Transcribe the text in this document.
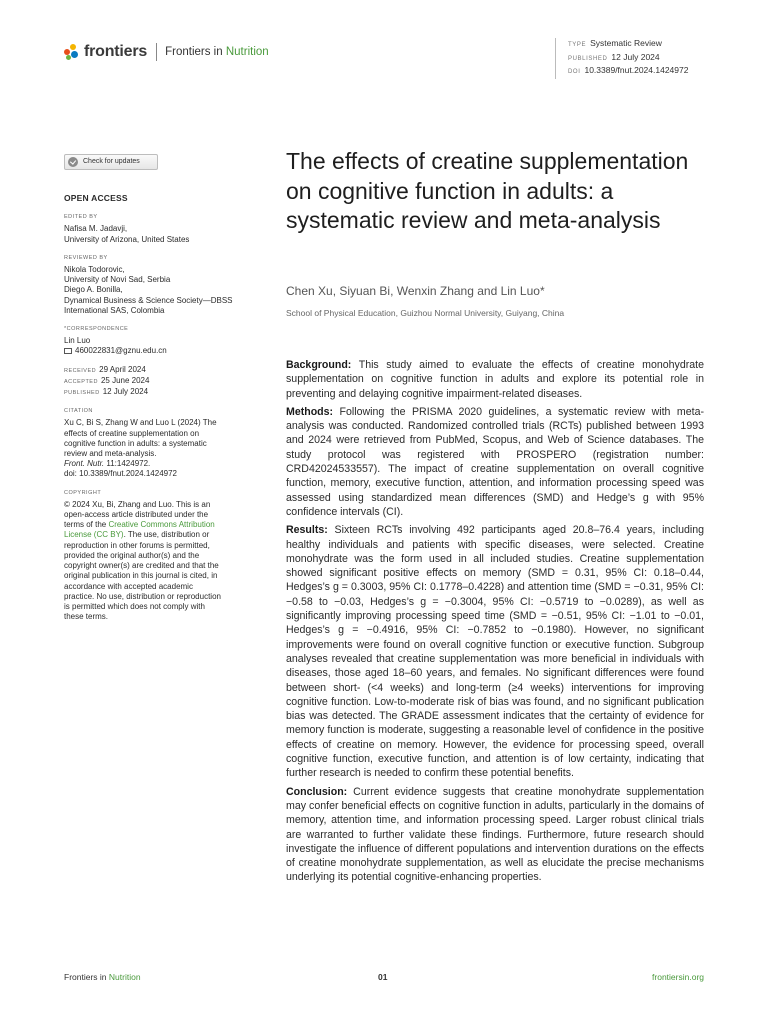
frontiers Frontiers in Nutrition
TYPE Systematic Review
PUBLISHED 12 July 2024
DOI 10.3389/fnut.2024.1424972
Check for updates
OPEN ACCESS
EDITED BY
Nafisa M. Jadavji,
University of Arizona, United States
REVIEWED BY
Nikola Todorovic,
University of Novi Sad, Serbia
Diego A. Bonilla,
Dynamical Business & Science Society—DBSS
International SAS, Colombia
*CORRESPONDENCE
Lin Luo
460022831@gznu.edu.cn
RECEIVED 29 April 2024
ACCEPTED 25 June 2024
PUBLISHED 12 July 2024
CITATION
Xu C, Bi S, Zhang W and Luo L (2024) The
effects of creatine supplementation on
cognitive function in adults: a systematic
review and meta-analysis.
Front. Nutr. 11:1424972.
doi: 10.3389/fnut.2024.1424972
COPYRIGHT
© 2024 Xu, Bi, Zhang and Luo. This is an
open-access article distributed under the
terms of the Creative Commons Attribution
License (CC BY). The use, distribution or
reproduction in other forums is permitted,
provided the original author(s) and the
copyright owner(s) are credited and that the
original publication in this journal is cited, in
accordance with accepted academic
practice. No use, distribution or reproduction
is permitted which does not comply with
these terms.
The effects of creatine supplementation on cognitive function in adults: a systematic review and meta-analysis
Chen Xu, Siyuan Bi, Wenxin Zhang and Lin Luo*
School of Physical Education, Guizhou Normal University, Guiyang, China

Background: This study aimed to evaluate the effects of creatine monohydrate supplementation on cognitive function in adults and explore its potential role in preventing and delaying cognitive impairment-related diseases.

Methods: Following the PRISMA 2020 guidelines, a systematic review with meta-analysis was conducted. Randomized controlled trials (RCTs) published between 1993 and 2024 were retrieved from PubMed, Scopus, and Web of Science databases. The study protocol was registered with PROSPERO (registration number: CRD42024533557). The impact of creatine supplementation on overall cognitive function, memory, executive function, attention, and information processing speed was assessed using standardized mean differences (SMD) and Hedge’s g with 95% confidence intervals (CI).

Results: Sixteen RCTs involving 492 participants aged 20.8–76.4 years, including healthy individuals and patients with specific diseases, were selected. Creatine monohydrate was the form used in all included studies. Creatine supplementation showed significant positive effects on memory (SMD = 0.31, 95% CI: 0.18–0.44, Hedges’s g = 0.3003, 95% CI: 0.1778–0.4228) and attention time (SMD = −0.31, 95% CI: −0.58 to −0.03, Hedges’s g = −0.3004, 95% CI: −0.5719 to −0.0289), as well as significantly improving processing speed time (SMD = −0.51, 95% CI: −1.01 to −0.01, Hedges’s g = −0.4916, 95% CI: −0.7852 to −0.1980). However, no significant improvements were found on overall cognitive function or executive function. Subgroup analyses revealed that creatine supplementation was more beneficial in individuals with diseases, those aged 18–60 years, and females. No significant differences were found between short- (<4 weeks) and long-term (≥4 weeks) interventions for improving cognitive function. Low-to-moderate risk of bias was found, and no significant publication bias was detected. The GRADE assessment indicates that the certainty of evidence for memory function is moderate, suggesting a reasonable level of confidence in the positive effects of creatine on memory. However, the evidence for processing speed, overall cognitive function, executive function, and attention is of low certainty, indicating that further research is needed to confirm these potential benefits.

Conclusion: Current evidence suggests that creatine monohydrate supplementation may confer beneficial effects on cognitive function in adults, particularly in the domains of memory, attention time, and information processing speed. Larger robust clinical trials are warranted to further validate these findings. Furthermore, future research should investigate the influence of different populations and intervention durations on the effects of creatine monohydrate supplementation, as well as elucidate the precise mechanisms underlying its potential cognitive-enhancing properties.

Frontiers in Nutrition	01	frontiersin.org
